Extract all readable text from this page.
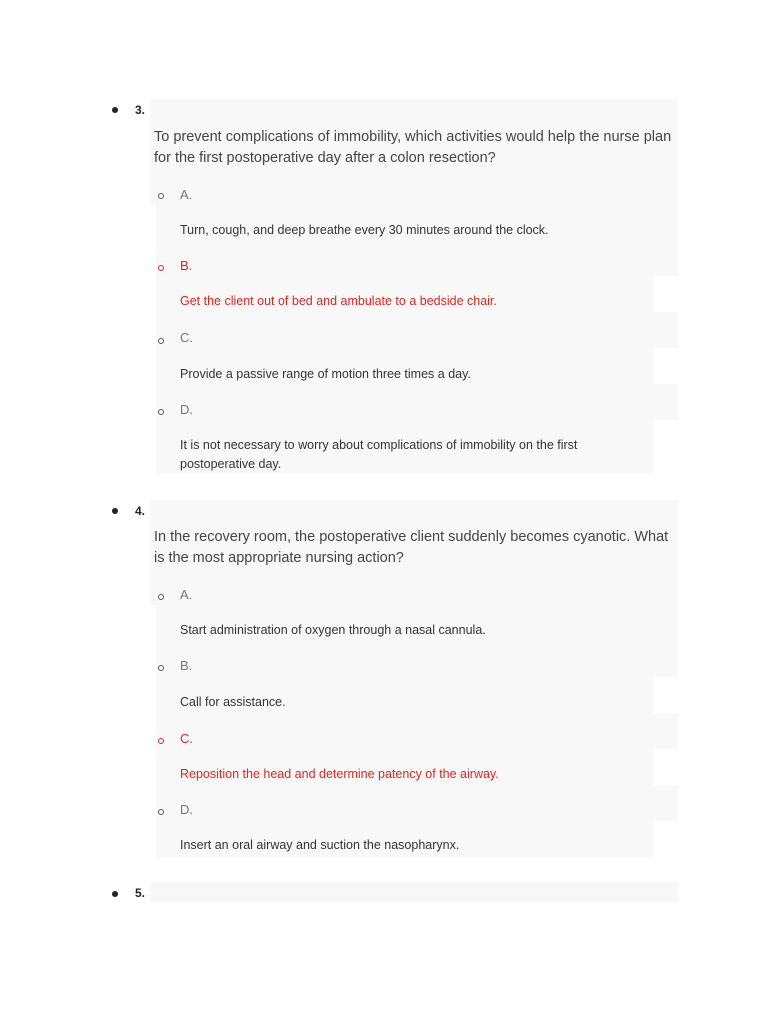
3.
To prevent complications of immobility, which activities would help the nurse plan for the first postoperative day after a colon resection?
A.
Turn, cough, and deep breathe every 30 minutes around the clock.
B.
Get the client out of bed and ambulate to a bedside chair.
C.
Provide a passive range of motion three times a day.
D.
It is not necessary to worry about complications of immobility on the first postoperative day.
4.
In the recovery room, the postoperative client suddenly becomes cyanotic. What is the most appropriate nursing action?
A.
Start administration of oxygen through a nasal cannula.
B.
Call for assistance.
C.
Reposition the head and determine patency of the airway.
D.
Insert an oral airway and suction the nasopharynx.
5.
